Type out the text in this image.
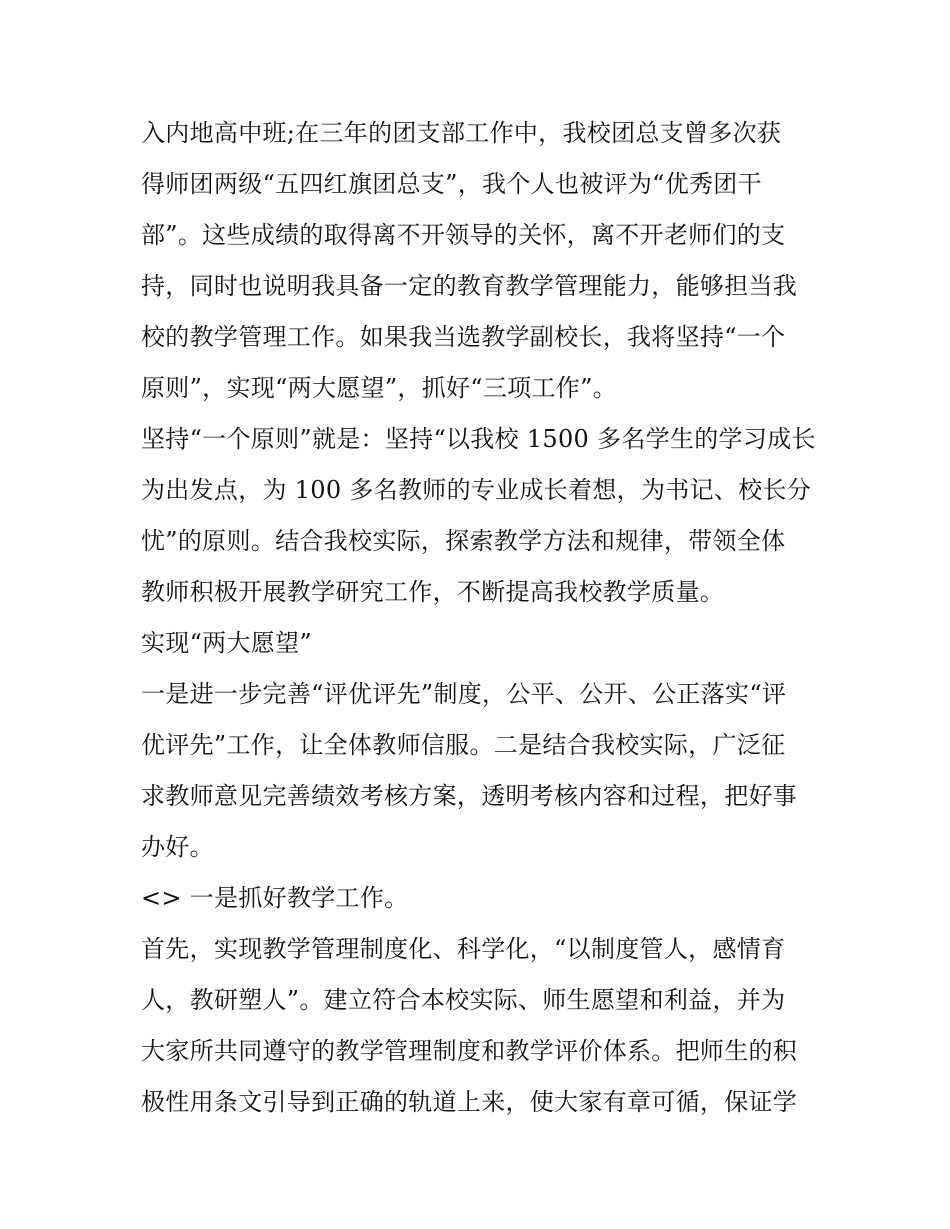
入内地高中班;在三年的团支部工作中，我校团总支曾多次获
得师团两级“五四红旗团总支”，我个人也被评为“优秀团干
部”。这些成绩的取得离不开领导的关怀，离不开老师们的支
持，同时也说明我具备一定的教育教学管理能力，能够担当我
校的教学管理工作。如果我当选教学副校长，我将坚持“一个
原则”，实现“两大愿望”，抓好“三项工作”。
坚持“一个原则”就是：坚持“以我校 1500 多名学生的学习成长
为出发点，为 100 多名教师的专业成长着想，为书记、校长分
忧”的原则。结合我校实际，探索教学方法和规律，带领全体
教师积极开展教学研究工作，不断提高我校教学质量。
实现“两大愿望”
一是进一步完善“评优评先”制度，公平、公开、公正落实“评
优评先”工作，让全体教师信服。二是结合我校实际，广泛征
求教师意见完善绩效考核方案，透明考核内容和过程，把好事
办好。
<> 一是抓好教学工作。
首先，实现教学管理制度化、科学化，“以制度管人，感情育
人，教研塑人”。建立符合本校实际、师生愿望和利益，并为
大家所共同遵守的教学管理制度和教学评价体系。把师生的积
极性用条文引导到正确的轨道上来，使大家有章可循，保证学
